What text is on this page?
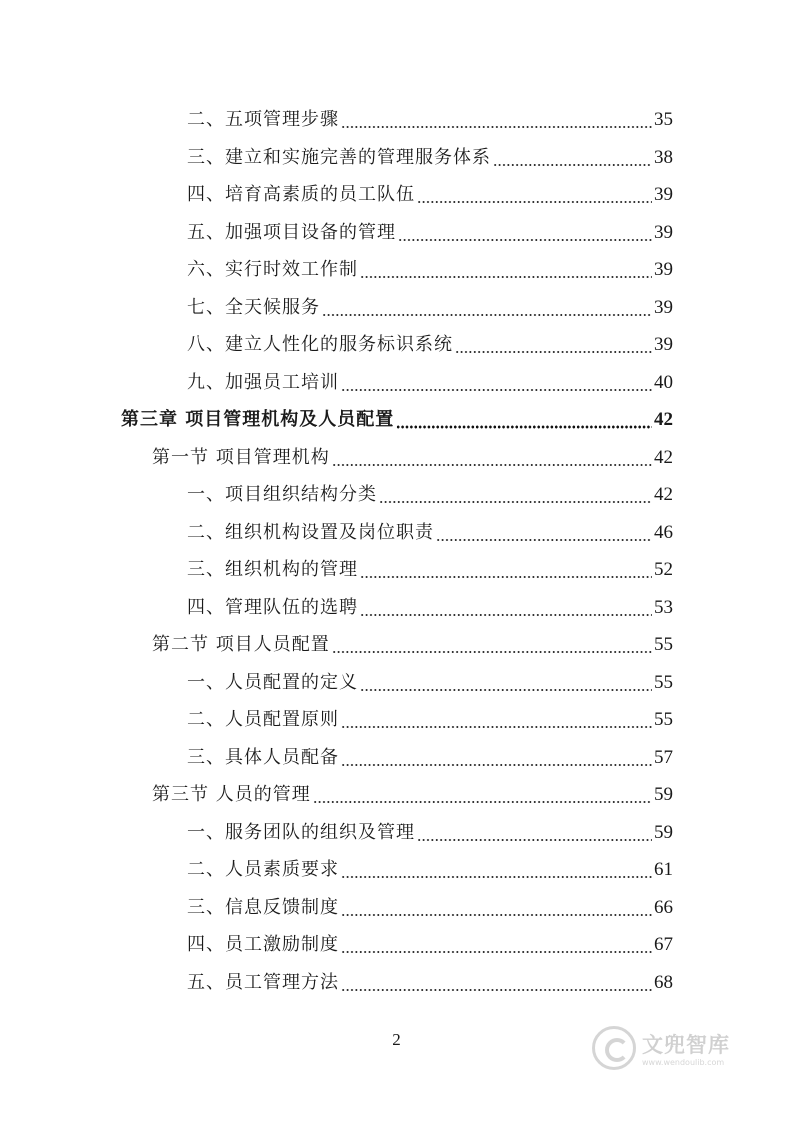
二、五项管理步骤	35
三、建立和实施完善的管理服务体系	38
四、培育高素质的员工队伍	39
五、加强项目设备的管理	39
六、实行时效工作制	39
七、全天候服务	39
八、建立人性化的服务标识系统	39
九、加强员工培训	40
第三章 项目管理机构及人员配置	42
第一节 项目管理机构	42
一、项目组织结构分类	42
二、组织机构设置及岗位职责	46
三、组织机构的管理	52
四、管理队伍的选聘	53
第二节 项目人员配置	55
一、人员配置的定义	55
二、人员配置原则	55
三、具体人员配备	57
第三节 人员的管理	59
一、服务团队的组织及管理	59
二、人员素质要求	61
三、信息反馈制度	66
四、员工激励制度	67
五、员工管理方法	68
2	文兜智库
www.wendoulib.com
